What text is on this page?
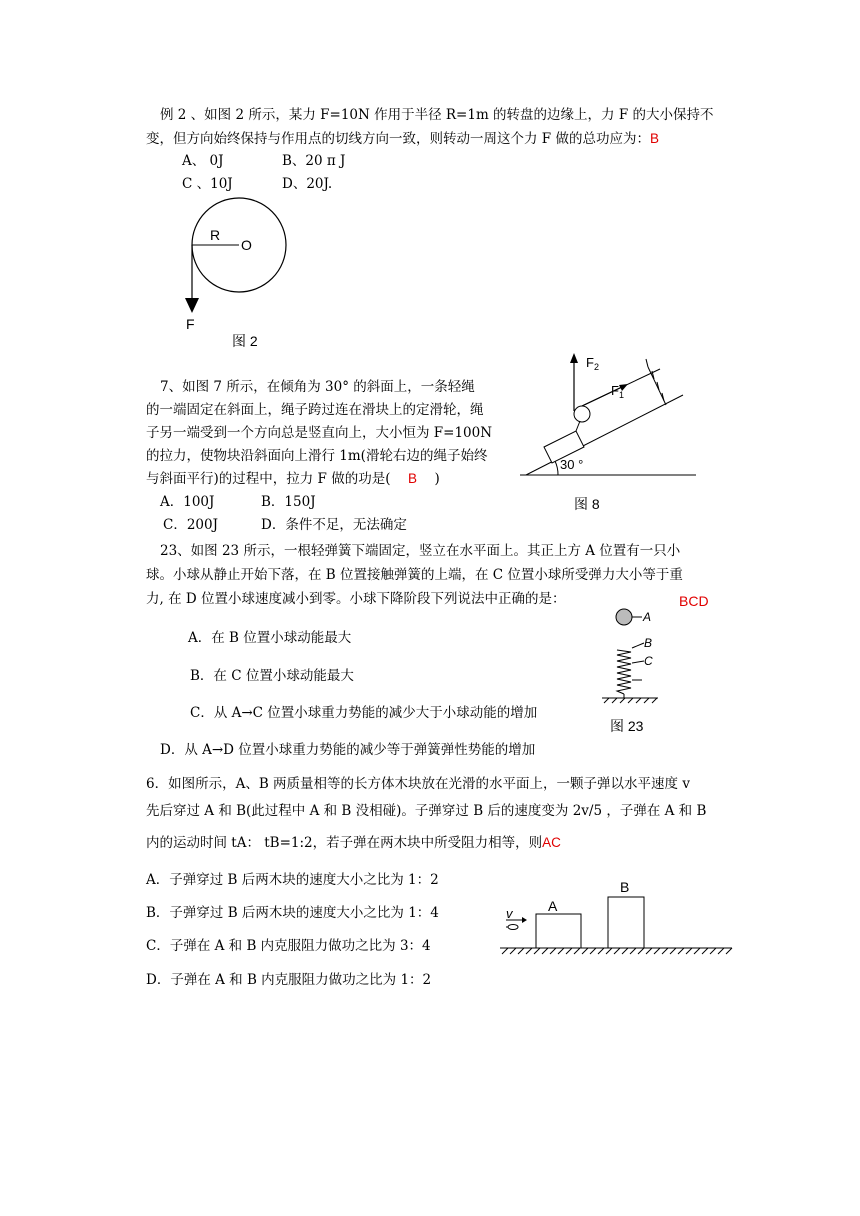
例 2 、如图 2 所示，某力 F=10N 作用于半径 R=1m 的转盘的边缘上，力 F 的大小保持不
变，但方向始终保持与作用点的切线方向一致，则转动一周这个力 F 做的总功应为：B
A、 0J	B、20 π J
C 、10J	D、20J.
R
O
F
图 2
7、如图 7 所示，在倾角为 30° 的斜面上，一条轻绳
的一端固定在斜面上，绳子跨过连在滑块上的定滑轮，绳
子另一端受到一个方向总是竖直向上，大小恒为 F=100N
的拉力，使物块沿斜面向上滑行 1m(滑轮右边的绳子始终
与斜面平行)的过程中，拉力 F 做的功是( B )
A．100J	B．150J
C．200J	D．条件不足，无法确定
30 °
$F_1$
$F_2$
图 8
23、如图 23 所示，一根轻弹簧下端固定，竖立在水平面上。其正上方 A 位置有一只小
球。小球从静止开始下落，在 B 位置接触弹簧的上端，在 C 位置小球所受弹力大小等于重
力, 在 D 位置小球速度减小到零。小球下降阶段下列说法中正确的是：	BCD
A．在 B 位置小球动能最大
B．在 C 位置小球动能最大
C．从 A→C 位置小球重力势能的减少大于小球动能的增加
D．从 A→D 位置小球重力势能的减少等于弹簧弹性势能的增加
A
B
C
图 23
6．如图所示，A、B 两质量相等的长方体木块放在光滑的水平面上，一颗子弹以水平速度 v
先后穿过 A 和 B(此过程中 A 和 B 没相碰)。子弹穿过 B 后的速度变为 2v/5 ，子弹在 A 和 B
内的运动时间 tA： tB=1:2，若子弹在两木块中所受阻力相等，则AC
A．子弹穿过 B 后两木块的速度大小之比为 1：2
B．子弹穿过 B 后两木块的速度大小之比为 1：4
C．子弹在 A 和 B 内克服阻力做功之比为 3：4
D．子弹在 A 和 B 内克服阻力做功之比为 1：2
v	A
B
